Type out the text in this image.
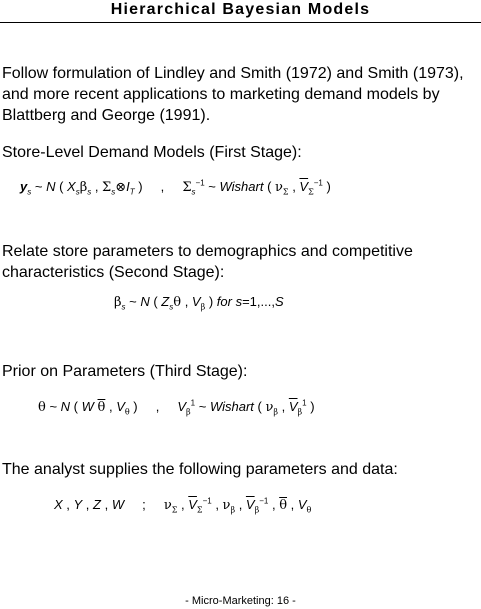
Hierarchical Bayesian Models
Follow formulation of Lindley and Smith (1972) and Smith (1973), and more recent applications to marketing demand models by Blattberg and George (1991).
Store-Level Demand Models (First Stage):
$y_s$ ~ N ( $X_s\beta_s$ , $\Sigma_s\otimes I_T$ )     ,     $\Sigma_s^{-1}$ ~ Wishart ( $\nu_\Sigma$ , $\overline{V}_\Sigma^{-1}$ )
Relate store parameters to demographics and competitive characteristics (Second Stage):
$\beta_s$ ~ N ( $Z_s\theta$ , $V_\beta$ ) for s=1,...,S
Prior on Parameters (Third Stage):
θ ~ N ( W $\overline{\theta}$ , $V_\theta$ )     ,     $V_\beta^1$ ~ Wishart ( $\nu_\beta$ , $\overline{V}_\beta^1$ )
The analyst supplies the following parameters and data:
X , Y , Z , W     ;     $\nu_\Sigma$ , $\overline{V}_\Sigma^{-1}$ , $\nu_\beta$ , $\overline{V}_\beta^{-1}$ , $\overline{\theta}$ , $V_\theta$
- Micro-Marketing: 16 -
